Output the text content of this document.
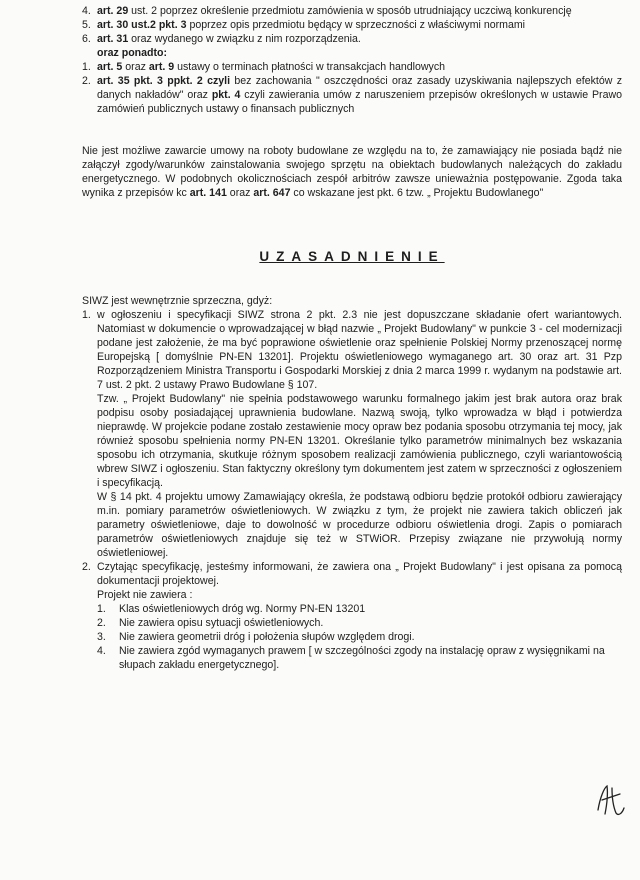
4. art. 29 ust. 2 poprzez określenie przedmiotu zamówienia w sposób utrudniający uczciwą konkurencję
5. art. 30 ust.2 pkt. 3 poprzez opis przedmiotu będący w sprzeczności z właściwymi normami
6. art. 31 oraz wydanego w związku z nim rozporządzenia.

oraz ponadto:

1. art. 5 oraz art. 9 ustawy o terminach płatności w transakcjach handlowych
2. art. 35 pkt. 3 ppkt. 2 czyli bez zachowania " oszczędności oraz zasady uzyskiwania najlepszych efektów z danych nakładów" oraz pkt. 4 czyli zawierania umów z naruszeniem przepisów określonych w ustawie Prawo zamówień publicznych ustawy o finansach publicznych

Nie jest możliwe zawarcie umowy na roboty budowlane ze względu na to, że zamawiający nie posiada bądź nie załączył zgody/warunków zainstalowania swojego sprzętu na obiektach budowlanych należących do zakładu energetycznego. W podobnych okolicznościach zespół arbitrów zawsze unieważnia postępowanie. Zgoda taka wynika z przepisów kc art. 141 oraz art. 647 co wskazane jest pkt. 6 tzw. „ Projektu Budowlanego"

UZASADNIENIE

SIWZ jest wewnętrznie sprzeczna, gdyż:

1. w ogłoszeniu i specyfikacji SIWZ strona 2 pkt. 2.3 nie jest dopuszczane składanie ofert wariantowych. Natomiast w dokumencie o wprowadzającej w błąd nazwie „ Projekt Budowlany" w punkcie 3 - cel modernizacji podane jest założenie, że ma być poprawione oświetlenie oraz spełnienie Polskiej Normy przenoszącej normę Europejską [ domyślnie PN-EN 13201]. Projektu oświetleniowego wymaganego art. 30 oraz art. 31 Pzp Rozporządzeniem Ministra Transportu i Gospodarki Morskiej z dnia 2 marca 1999 r. wydanym na podstawie art. 7 ust. 2 pkt. 2 ustawy Prawo Budowlane § 107.

Tzw. „ Projekt Budowlany" nie spełnia podstawowego warunku formalnego jakim jest brak autora oraz brak podpisu osoby posiadającej uprawnienia budowlane. Nazwą swoją, tylko wprowadza w błąd i potwierdza nieprawdę. W projekcie podane zostało zestawienie mocy opraw bez podania sposobu otrzymania tej mocy, jak również sposobu spełnienia normy PN-EN 13201. Określanie tylko parametrów minimalnych bez wskazania sposobu ich otrzymania, skutkuje różnym sposobem realizacji zamówienia publicznego, czyli wariantowością wbrew SIWZ i ogłoszeniu. Stan faktyczny określony tym dokumentem jest zatem w sprzeczności z ogłoszeniem i specyfikacją.

W § 14 pkt. 4 projektu umowy Zamawiający określa, że podstawą odbioru będzie protokół odbioru zawierający m.in. pomiary parametrów oświetleniowych. W związku z tym, że projekt nie zawiera takich obliczeń jak parametry oświetleniowe, daje to dowolność w procedurze odbioru oświetlenia drogi. Zapis o pomiarach parametrów oświetleniowych znajduje się też w STWiOR. Przepisy związane nie przywołują normy oświetleniowej.

2. Czytając specyfikację, jesteśmy informowani, że zawiera ona „ Projekt Budowlany" i jest opisana za pomocą dokumentacji projektowej.

Projekt nie zawiera :

1.	Klas oświetleniowych dróg wg. Normy PN-EN 13201
2.	Nie zawiera opisu sytuacji oświetleniowych.
3.	Nie zawiera geometrii dróg i położenia słupów względem drogi.
4.	Nie zawiera zgód wymaganych prawem [ w szczególności zgody na instalację opraw z wysięgnikami na słupach zakładu energetycznego].
